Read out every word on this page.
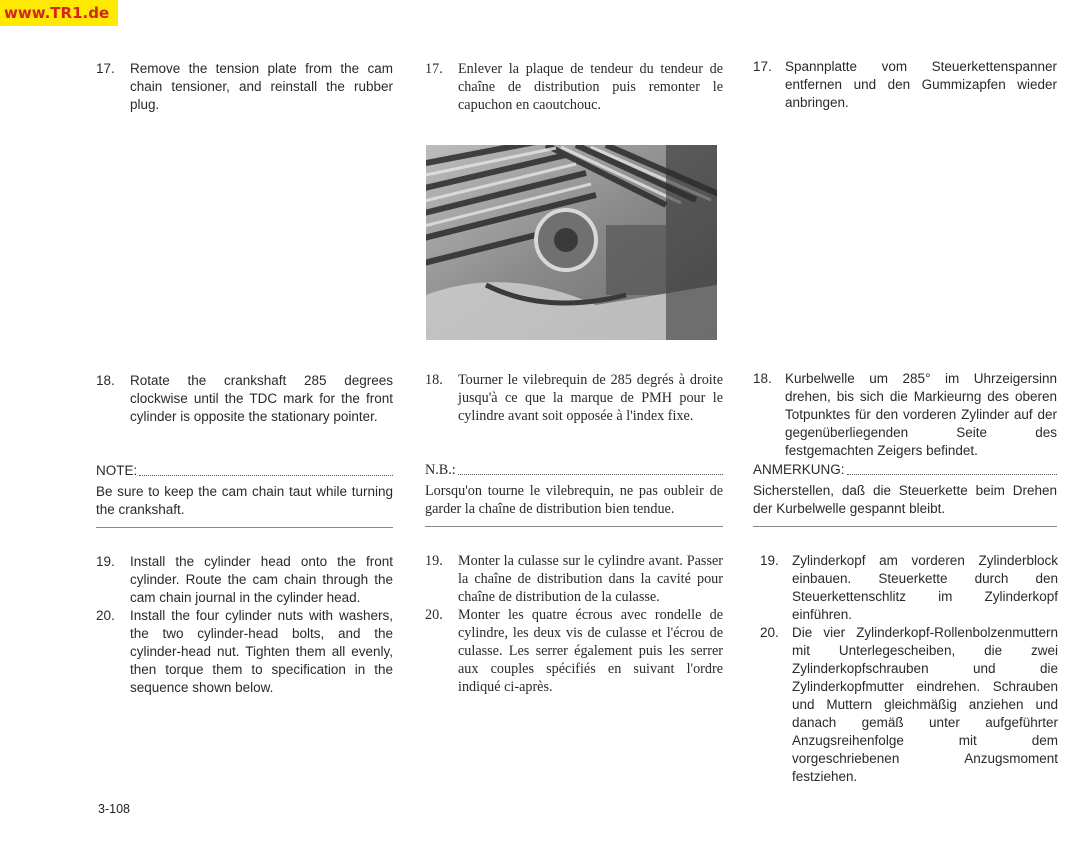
www.TR1.de
17.	Remove the tension plate from the cam chain tensioner, and reinstall the rubber plug.
18.	Rotate the crankshaft 285 degrees clockwise until the TDC mark for the front cylinder is opposite the stationary pointer.
NOTE:
Be sure to keep the cam chain taut while turning the crankshaft.
19.	Install the cylinder head onto the front cylinder. Route the cam chain through the cam chain journal in the cylinder head.
20.	Install the four cylinder nuts with washers, the two cylinder-head bolts, and the cylinder-head nut. Tighten them all evenly, then torque them to specification in the sequence shown below.
17.	Enlever la plaque de tendeur du tendeur de chaîne de distribution puis remonter le capuchon en caoutchouc.
18.	Tourner le vilebrequin de 285 degrés à droite jusqu'à ce que la marque de PMH pour le cylindre avant soit opposée à l'index fixe.
N.B.:
Lorsqu'on tourne le vilebrequin, ne pas oubleir de garder la chaîne de distribution bien tendue.
19.	Monter la culasse sur le cylindre avant. Passer la chaîne de distribution dans la cavité pour chaîne de distribution de la culasse.
20.	Monter les quatre écrous avec rondelle de cylindre, les deux vis de culasse et l'écrou de culasse. Les serrer également puis les serrer aux couples spécifiés en suivant l'ordre indiqué ci-après.
17. Spannplatte vom Steuerkettenspanner entfernen und den Gummizapfen wieder anbringen.
18. Kurbelwelle um 285° im Uhrzeigersinn drehen, bis sich die Markieurng des oberen Totpunktes für den vorderen Zylinder auf der gegenüberliegenden Seite des festgemachten Zeigers befindet.
ANMERKUNG:
Sicherstellen, daß die Steuerkette beim Drehen der Kurbelwelle gespannt bleibt.
19. Zylinderkopf am vorderen Zylinderblock einbauen. Steuerkette durch den Steuerkettenschlitz im Zylinderkopf einführen.
20. Die vier Zylinderkopf-Rollenbolzenmuttern mit Unterlegescheiben, die zwei Zylinderkopfschrauben und die Zylinderkopfmutter eindrehen. Schrauben und Muttern gleichmäßig anziehen und danach gemäß unter aufgeführter Anzugsreihenfolge mit dem vorgeschriebenen Anzugsmoment festziehen.
3-108
